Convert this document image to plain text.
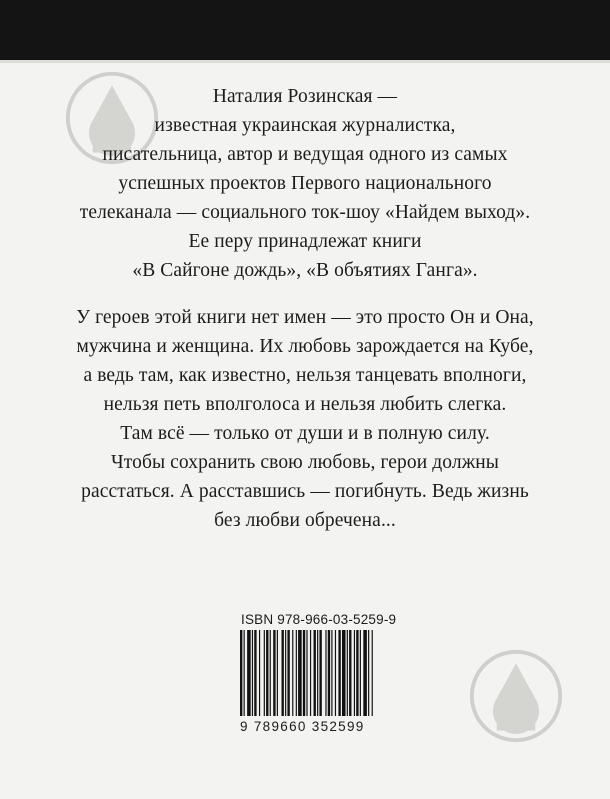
Наталия Розинская —
известная украинская журналистка,
писательница, автор и ведущая одного из самых
успешных проектов Первого национального
телеканала — социального ток-шоу «Найдем выход».
Ее перу принадлежат книги
«В Сайгоне дождь», «В объятиях Ганга».
У героев этой книги нет имен — это просто Он и Она,
мужчина и женщина. Их любовь зарождается на Кубе,
а ведь там, как известно, нельзя танцевать вполноги,
нельзя петь вполголоса и нельзя любить слегка.
Там всё — только от души и в полную силу.
Чтобы сохранить свою любовь, герои должны
расстаться. А расставшись — погибнуть. Ведь жизнь
без любви обречена...
ISBN 978-966-03-5259-9
9 789660 352599
